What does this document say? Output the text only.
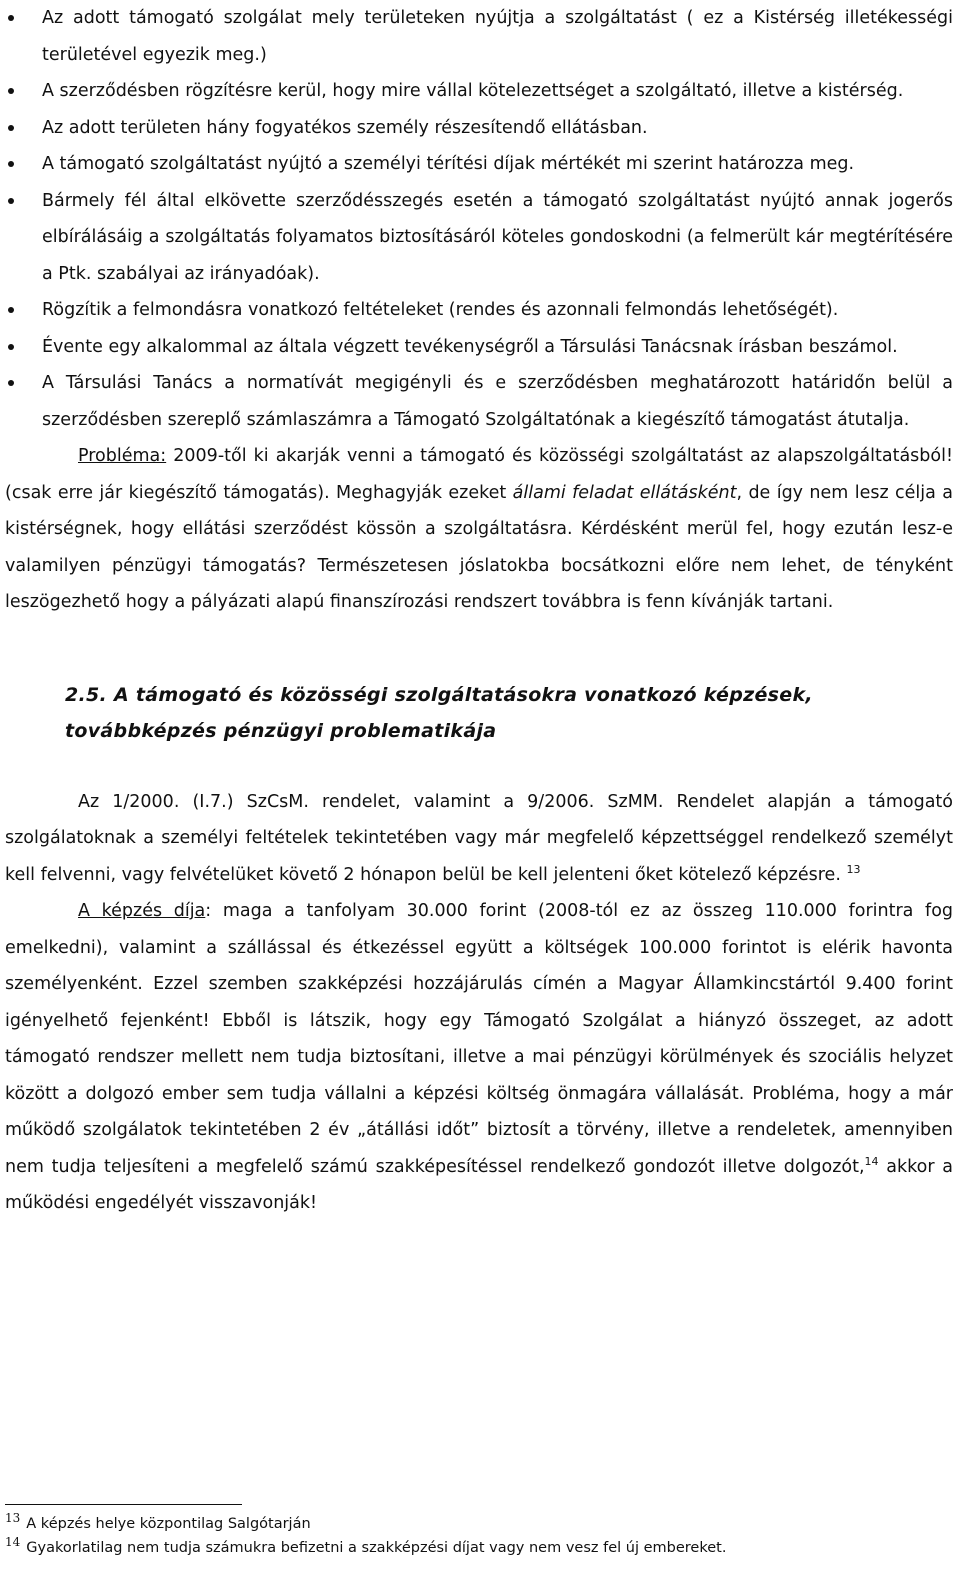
Az adott támogató szolgálat mely területeken nyújtja a szolgáltatást ( ez a Kistérség illetékességi területével egyezik meg.)
A szerződésben rögzítésre kerül, hogy mire vállal kötelezettséget a szolgáltató, illetve a kistérség.
Az adott területen hány fogyatékos személy részesítendő ellátásban.
A támogató szolgáltatást nyújtó a személyi térítési díjak mértékét mi szerint határozza meg.
Bármely fél által elkövette szerződésszegés esetén a támogató szolgáltatást nyújtó annak jogerős elbírálásáig a szolgáltatás folyamatos biztosításáról köteles gondoskodni (a felmerült kár megtérítésére a Ptk. szabályai az irányadóak).
Rögzítik a felmondásra vonatkozó feltételeket (rendes és azonnali felmondás lehetőségét).
Évente egy alkalommal az általa végzett tevékenységről a Társulási Tanácsnak írásban beszámol.
A Társulási Tanács a normatívát megigényli és e szerződésben meghatározott határidőn belül a szerződésben szereplő számlaszámra a Támogató Szolgáltatónak a kiegészítő támogatást átutalja.

Probléma: 2009-től ki akarják venni a támogató és közösségi szolgáltatást az alapszolgáltatásból!(csak erre jár kiegészítő támogatás). Meghagyják ezeket állami feladat ellátásként, de így nem lesz célja a kistérségnek, hogy ellátási szerződést kössön a szolgáltatásra. Kérdésként merül fel, hogy ezután lesz-e valamilyen pénzügyi támogatás? Természetesen jóslatokba bocsátkozni előre nem lehet, de tényként leszögezhető hogy a pályázati alapú finanszírozási rendszert továbbra is fenn kívánják tartani.

2.5. A támogató és közösségi szolgáltatásokra vonatkozó képzések, továbbképzés pénzügyi problematikája

Az 1/2000. (I.7.) SzCsM. rendelet, valamint a 9/2006. SzMM. Rendelet alapján a támogató szolgálatoknak a személyi feltételek tekintetében vagy már megfelelő képzettséggel rendelkező személyt kell felvenni, vagy felvételüket követő 2 hónapon belül be kell jelenteni őket kötelező képzésre. $^{13}$

A képzés díja: maga a tanfolyam 30.000 forint (2008-tól ez az összeg 110.000 forintra fog emelkedni), valamint a szállással és étkezéssel együtt a költségek 100.000 forintot is elérik havonta személyenként. Ezzel szemben szakképzési hozzájárulás címén a Magyar Államkincstártól 9.400 forint igényelhető fejenként! Ebből is látszik, hogy egy Támogató Szolgálat a hiányzó összeget, az adott támogató rendszer mellett nem tudja biztosítani, illetve a mai pénzügyi körülmények és szociális helyzet között a dolgozó ember sem tudja vállalni a képzési költség önmagára vállalását. Probléma, hogy a már működő szolgálatok tekintetében 2 év „átállási időt” biztosít a törvény, illetve a rendeletek, amennyiben nem tudja teljesíteni a megfelelő számú szakképesítéssel rendelkező gondozót illetve dolgozót,$^{14}$ akkor a működési engedélyét visszavonják!

$^{13}$ A képzés helye központilag Salgótarján
$^{14}$ Gyakorlatilag nem tudja számukra befizetni a szakképzési díjat vagy nem vesz fel új embereket.
